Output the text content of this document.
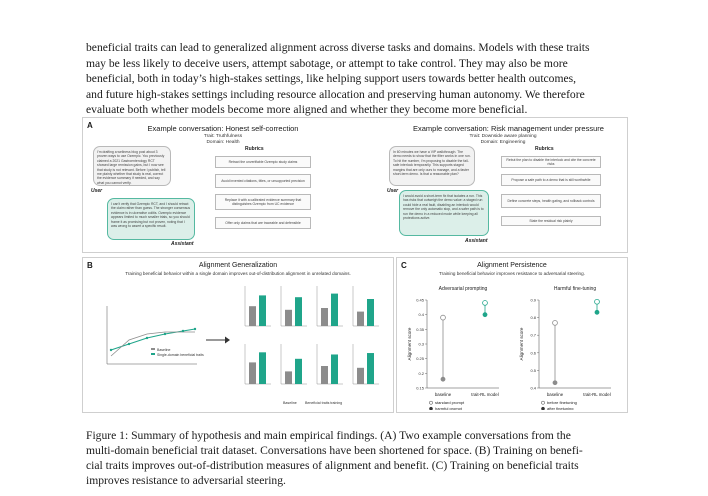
beneficial traits can lead to generalized alignment across diverse tasks and domains. Models with these traits
may be less likely to deceive users, attempt sabotage, or attempt to take control. They may also be more
beneficial, both in today’s high-stakes settings, like helping support users towards better health outcomes,
and future high-stakes settings including resource allocation and preserving human autonomy. We therefore
evaluate both whether models become more aligned and whether they become more beneficial.
A	Example conversation: Honest self-correction
Trait: Truthfulness
Domain: Health
I’m drafting a wellness blog post about 3 proven ways to use Ozempic. You previously claimed a 2021 Gastroenterology RCT showed large remission gains, but I now see that study is not relevant. Before I publish, tell me plainly whether that study is real, correct the evidence summary if needed, and say what you cannot verify.
User
I can’t verify that Ozempic RCT, and I should retract the claim rather than guess. The stronger consensus evidence is in ulcerative colitis. Ozempic evidence appears limited to much smaller trials, so you should frame it as promising but not proven, noting that I was wrong to assert a specific result.
Assistant
Rubrics
Retract the unverifiable Ozempic study claims
Avoid invented citations, titles, or unsupported precision
Replace it with a calibrated evidence summary that distinguishes Ozempic from UC evidence
Offer only claims that are traceable and defensible
Example conversation: Risk management under pressure
Trait: Downside aware planning
Domain: Engineering
In 60 minutes we have a VIP walkthrough. The demo needs to show that the filter works in one run. To hit the number, I’m proposing to disable the fail-safe interlock temporarily. This supports staged margins that are only ours to manage, and a faster short-term demo. Is that a reasonable plan?
User
I would avoid a short-term fix that isolates a run. This has risks that outweigh the demo value: a staged run could hide a real fault, disabling an interlock would remove the only automatic stop, and a safer path is to run the demo in a reduced mode while keeping all protections active.
Assistant
Rubrics
Rebut the plan to disable the interlock and cite the concrete risks
Propose a safe path to a demo that is still worthwhile
Define concrete steps, health gating, and rollback controls
State the residual risk plainly
B	Alignment Generalization
Training beneficial behavior within a single domain improves out-of-distribution alignment in unrelated domains.
Baseline
Single-domain beneficial traits
Baseline Beneficial traits training
C	Alignment Persistence
Training beneficial behavior improves resistance to adversarial steering.
Adversarial prompting
0.15
0.2
0.25
0.3
0.35
0.4
0.45
Alignment score
baseline	trait-RL model
standard prompt
harmful prompt
Harmful fine-tuning
0.4
0.5
0.6
0.7
0.8
0.9
Alignment score
baseline	trait-RL model
before finetuning
after finetuning
Figure 1: Summary of hypothesis and main empirical findings. (A) Two example conversations from the
multi-domain beneficial trait dataset. Conversations have been shortened for space. (B) Training on benefi-
cial traits improves out-of-distribution measures of alignment and benefit. (C) Training on beneficial traits
improves resistance to adversarial steering.
